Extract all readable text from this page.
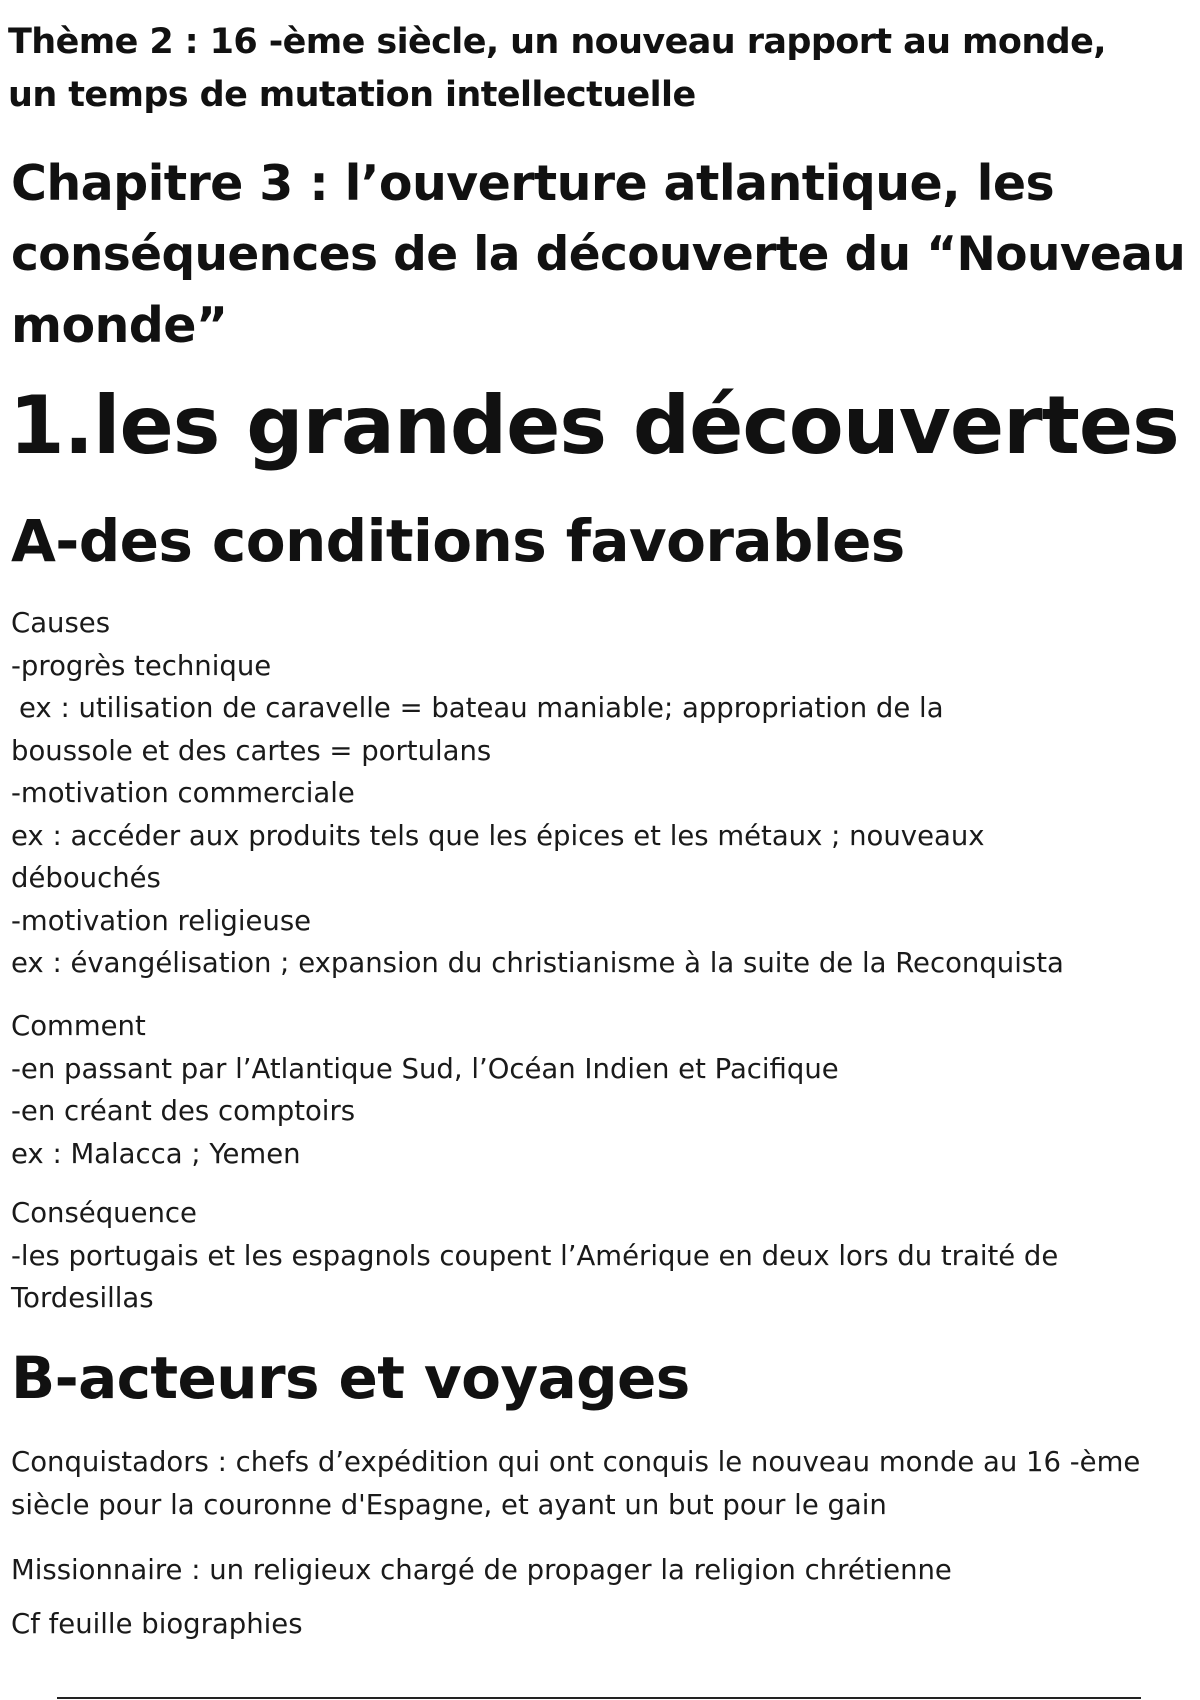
Thème 2 : 16 -ème siècle, un nouveau rapport au monde,
un temps de mutation intellectuelle
Chapitre 3 : l’ouverture atlantique, les
conséquences de la découverte du “Nouveau
monde”
1.les grandes découvertes
A-des conditions favorables
Causes
-progrès technique
ex : utilisation de caravelle = bateau maniable; appropriation de la
boussole et des cartes = portulans
-motivation commerciale
ex : accéder aux produits tels que les épices et les métaux ; nouveaux
débouchés
-motivation religieuse
ex : évangélisation ; expansion du christianisme à la suite de la Reconquista
Comment
-en passant par l’Atlantique Sud, l’Océan Indien et Pacifique
-en créant des comptoirs
ex : Malacca ; Yemen
Conséquence
-les portugais et les espagnols coupent l’Amérique en deux lors du traité de
Tordesillas
B-acteurs et voyages
Conquistadors : chefs d’expédition qui ont conquis le nouveau monde au 16 -ème
siècle pour la couronne d'Espagne, et ayant un but pour le gain
Missionnaire : un religieux chargé de propager la religion chrétienne
Cf feuille biographies
